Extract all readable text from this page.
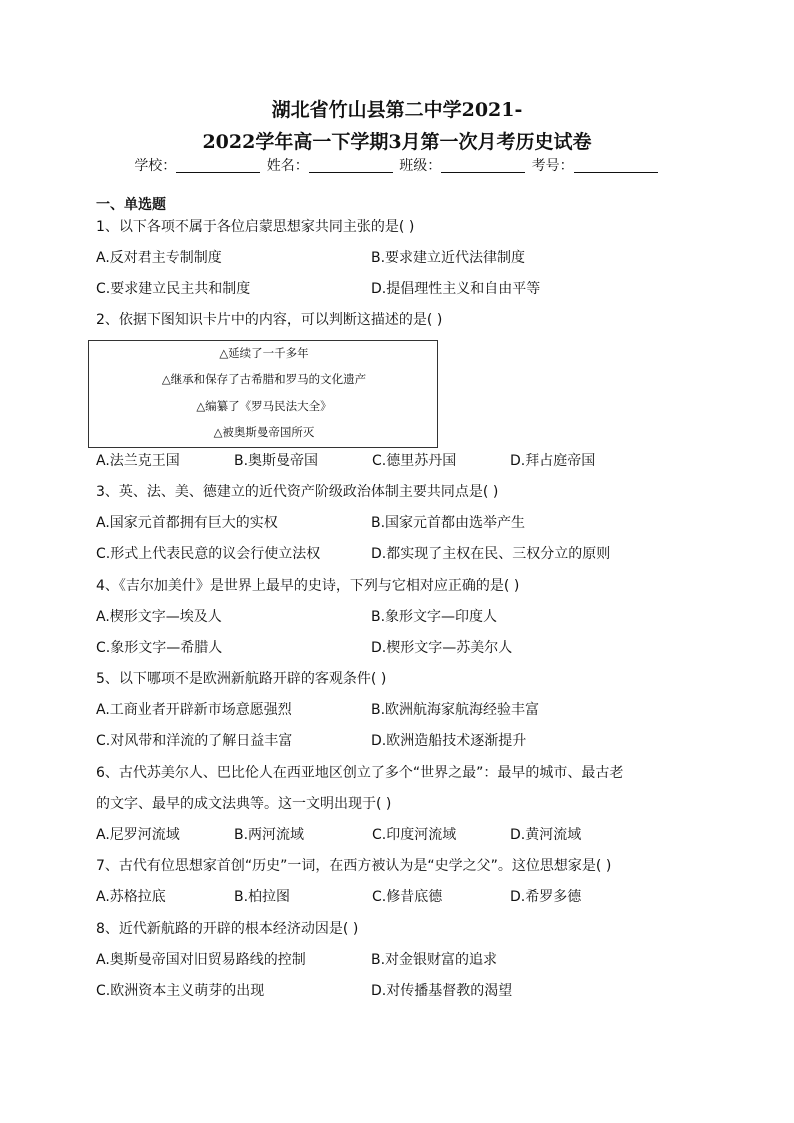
湖北省竹山县第二中学2021-
2022学年高一下学期3月第一次月考历史试卷
学校：	姓名：	班级：	考号：
一、单选题
1、以下各项不属于各位启蒙思想家共同主张的是( )
A.反对君主专制制度	B.要求建立近代法律制度
C.要求建立民主共和制度	D.提倡理性主义和自由平等
2、依据下图知识卡片中的内容，可以判断这描述的是( )
△延续了一千多年
△继承和保存了古希腊和罗马的文化遗产
△编纂了《罗马民法大全》
△被奥斯曼帝国所灭
A.法兰克王国	B.奥斯曼帝国	C.德里苏丹国	D.拜占庭帝国
3、英、法、美、德建立的近代资产阶级政治体制主要共同点是( )
A.国家元首都拥有巨大的实权	B.国家元首都由选举产生
C.形式上代表民意的议会行使立法权	D.都实现了主权在民、三权分立的原则
4、《吉尔加美什》是世界上最早的史诗，下列与它相对应正确的是( )
A.楔形文字—埃及人	B.象形文字—印度人
C.象形文字—希腊人	D.楔形文字—苏美尔人
5、以下哪项不是欧洲新航路开辟的客观条件( )
A.工商业者开辟新市场意愿强烈	B.欧洲航海家航海经验丰富
C.对风带和洋流的了解日益丰富	D.欧洲造船技术逐渐提升
6、古代苏美尔人、巴比伦人在西亚地区创立了多个“世界之最”：最早的城市、最古老
的文字、最早的成文法典等。这一文明出现于( )
A.尼罗河流域	B.两河流域	C.印度河流域	D.黄河流域
7、古代有位思想家首创“历史”一词，在西方被认为是“史学之父”。这位思想家是( )
A.苏格拉底	B.柏拉图	C.修昔底德	D.希罗多德
8、近代新航路的开辟的根本经济动因是( )
A.奥斯曼帝国对旧贸易路线的控制	B.对金银财富的追求
C.欧洲资本主义萌芽的出现	D.对传播基督教的渴望
